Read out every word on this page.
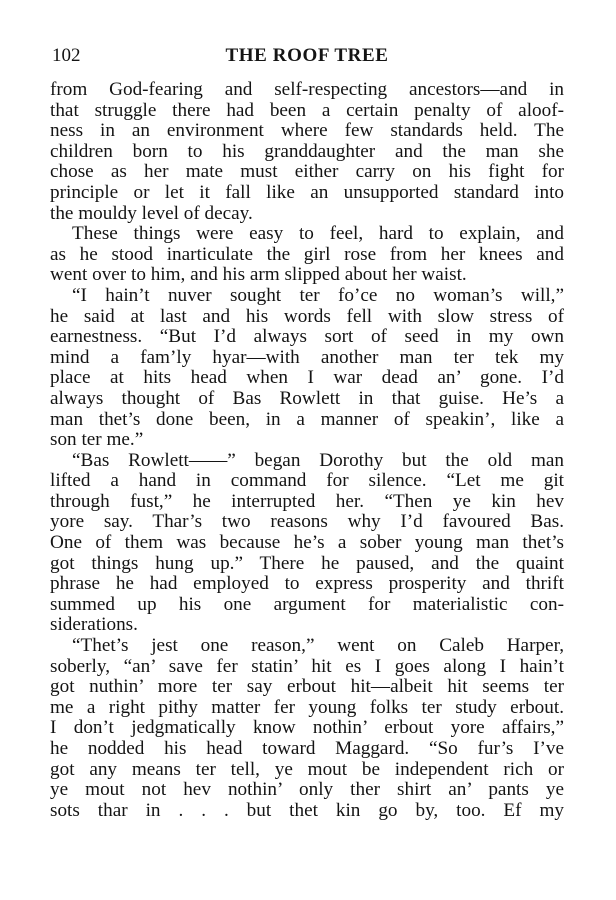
102	THE ROOF TREE
from God-fearing and self-respecting ancestors—and in
that struggle there had been a certain penalty of aloof-
ness in an environment where few standards held. The
children born to his granddaughter and the man she
chose as her mate must either carry on his fight for
principle or let it fall like an unsupported standard into
the mouldy level of decay.
These things were easy to feel, hard to explain, and
as he stood inarticulate the girl rose from her knees and
went over to him, and his arm slipped about her waist.
“I hain’t nuver sought ter fo’ce no woman’s will,”
he said at last and his words fell with slow stress of
earnestness. “But I’d always sort of seed in my own
mind a fam’ly hyar—with another man ter tek my
place at hits head when I war dead an’ gone. I’d
always thought of Bas Rowlett in that guise. He’s a
man thet’s done been, in a manner of speakin’, like a
son ter me.”
“Bas Rowlett——” began Dorothy but the old man
lifted a hand in command for silence. “Let me git
through fust,” he interrupted her. “Then ye kin hev
yore say. Thar’s two reasons why I’d favoured Bas.
One of them was because he’s a sober young man thet’s
got things hung up.” There he paused, and the quaint
phrase he had employed to express prosperity and thrift
summed up his one argument for materialistic con-
siderations.
“Thet’s jest one reason,” went on Caleb Harper,
soberly, “an’ save fer statin’ hit es I goes along I hain’t
got nuthin’ more ter say erbout hit—albeit hit seems ter
me a right pithy matter fer young folks ter study erbout.
I don’t jedgmatically know nothin’ erbout yore affairs,”
he nodded his head toward Maggard. “So fur’s I’ve
got any means ter tell, ye mout be independent rich or
ye mout not hev nothin’ only ther shirt an’ pants ye
sots thar in . . . but thet kin go by, too. Ef my
